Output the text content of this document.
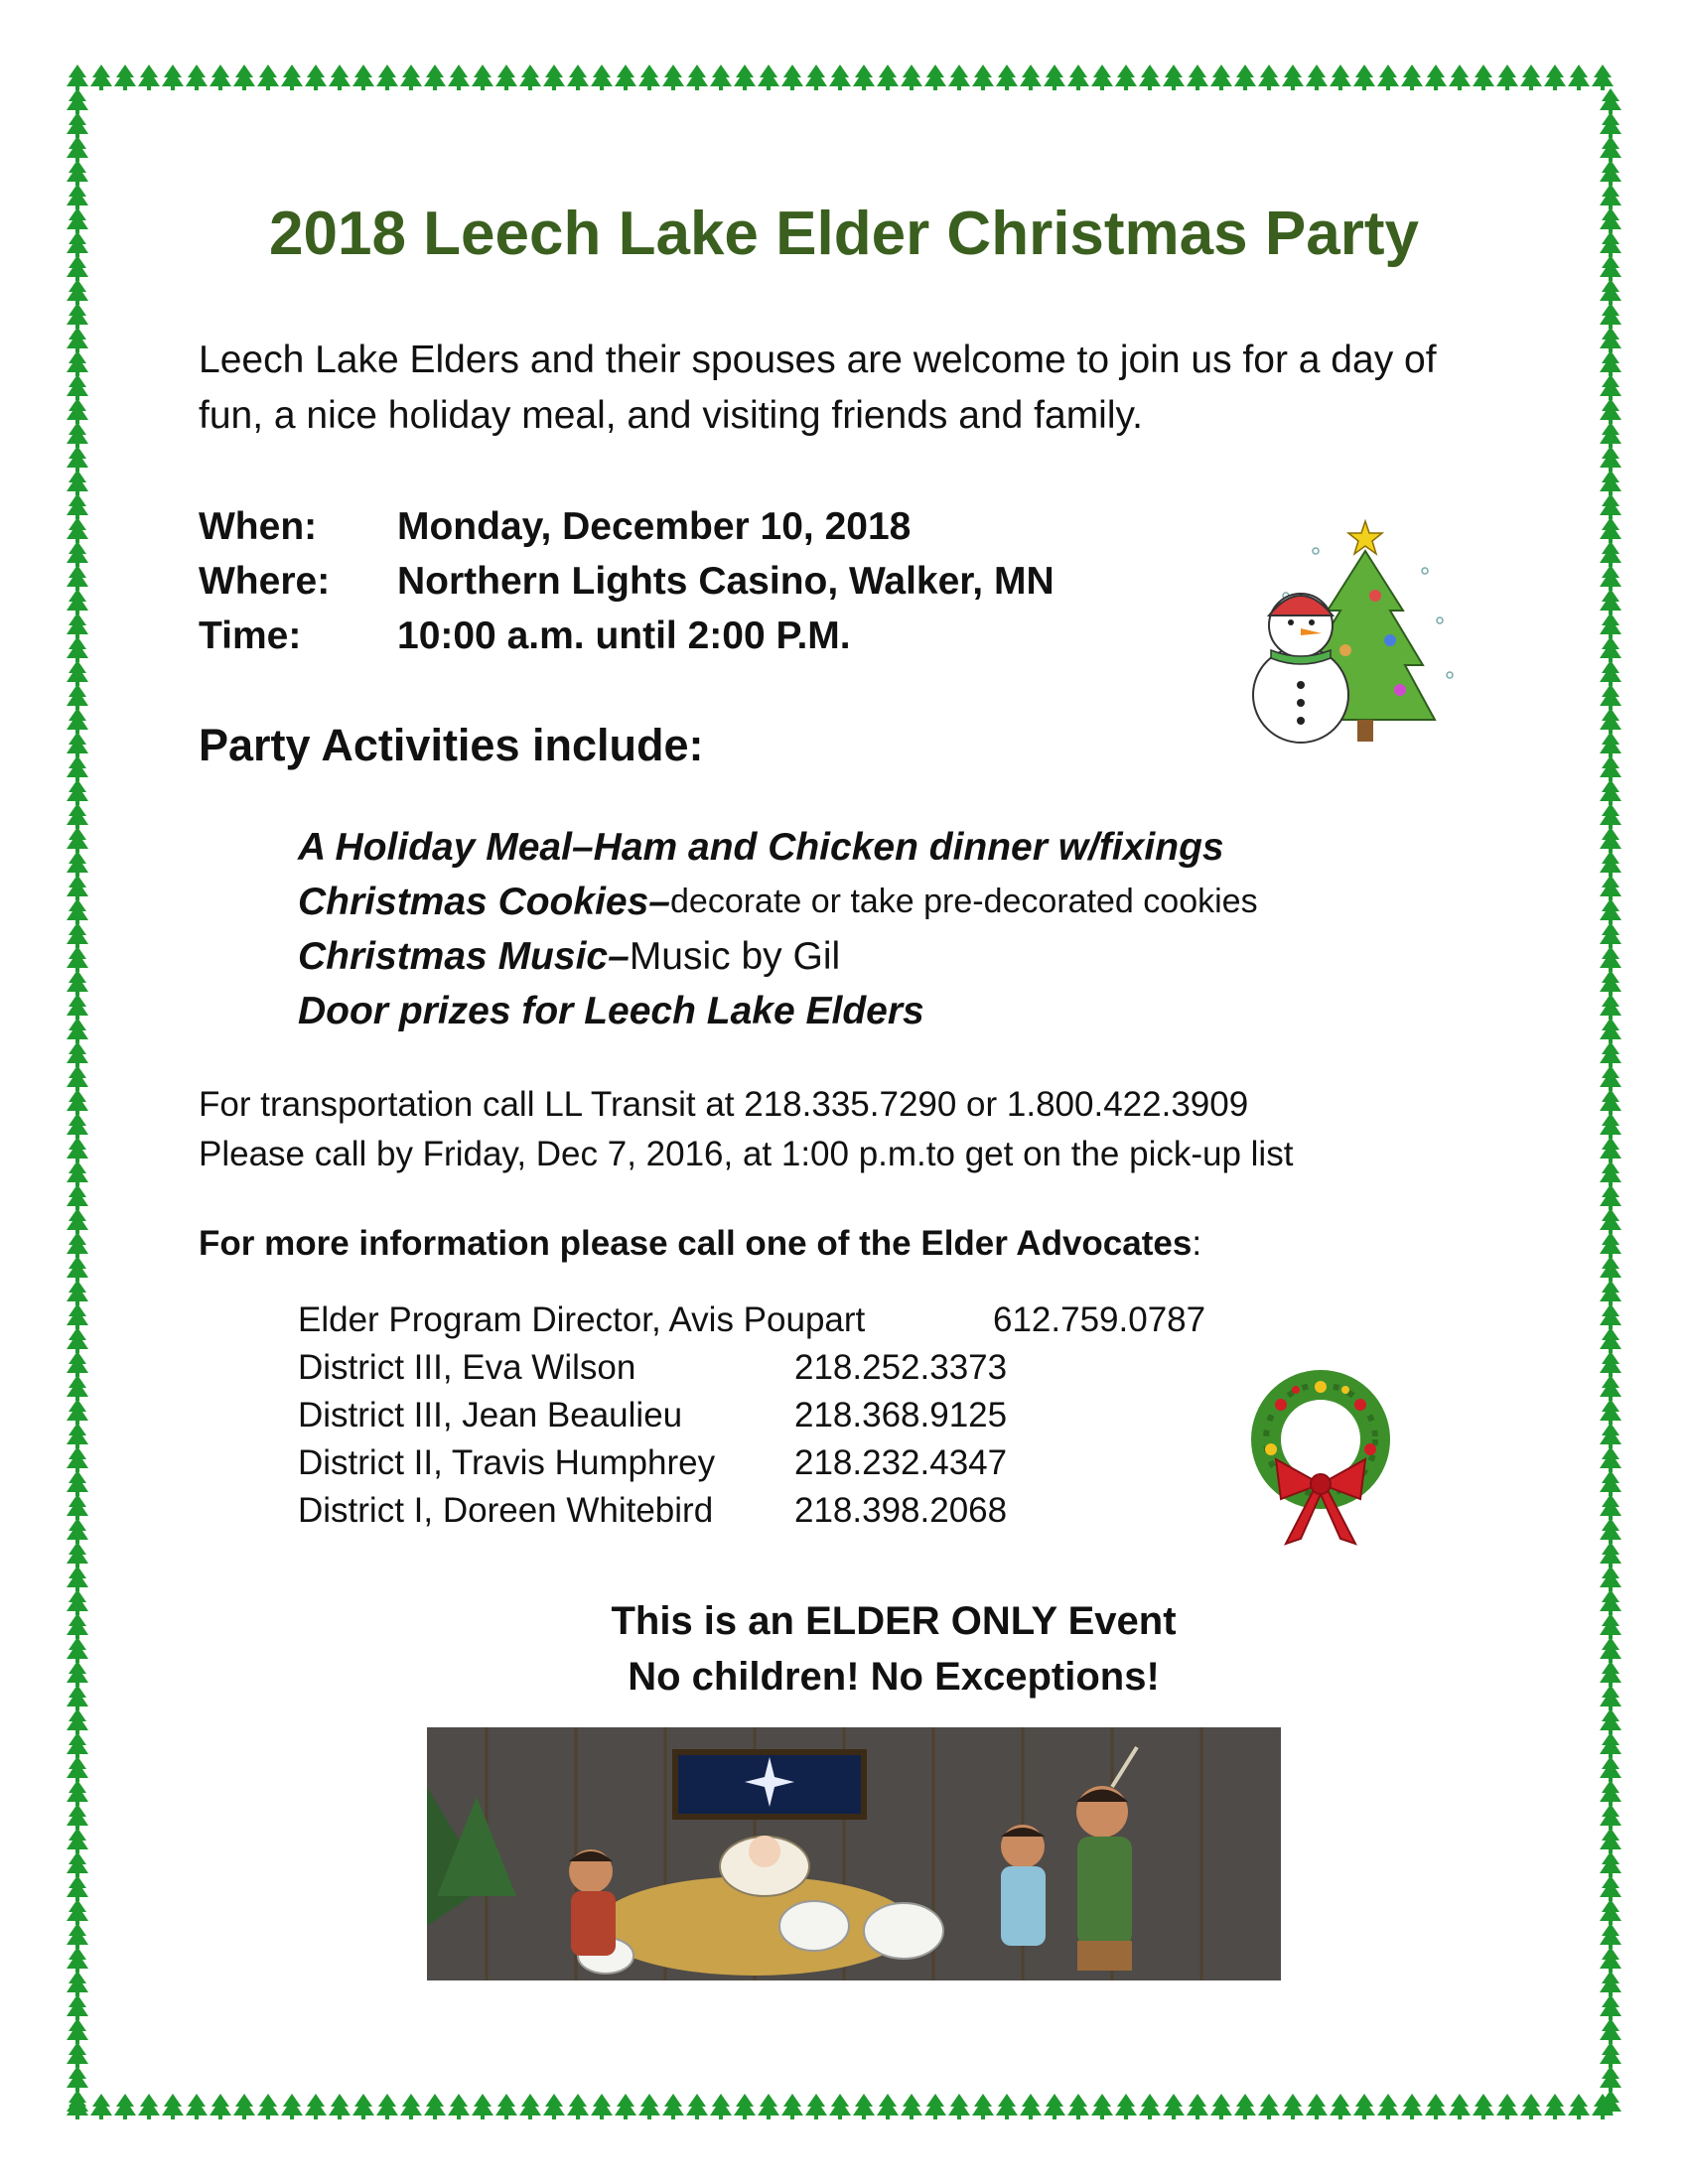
2018 Leech Lake Elder Christmas Party
Leech Lake Elders and their spouses are welcome to join us for a day of fun, a nice holiday meal, and visiting friends and family.
When:	Monday, December 10, 2018
Where:	Northern Lights Casino, Walker, MN
Time:	10:00 a.m. until 2:00 P.M.
Party Activities include:
A Holiday Meal – Ham and Chicken dinner w/fixings
Christmas Cookies – decorate or take pre-decorated cookies
Christmas Music – Music by Gil
Door prizes for Leech Lake Elders
For transportation call LL Transit at 218.335.7290 or 1.800.422.3909
Please call by Friday, Dec 7, 2016, at 1:00 p.m.to get on the pick-up list
For more information please call one of the Elder Advocates:
Elder Program Director, Avis Poupart	612.759.0787
District III, Eva Wilson	218.252.3373
District III, Jean Beaulieu	218.368.9125
District II, Travis Humphrey 218.232.4347
District I, Doreen Whitebird 218.398.2068
This is an ELDER ONLY Event
No children! No Exceptions!
